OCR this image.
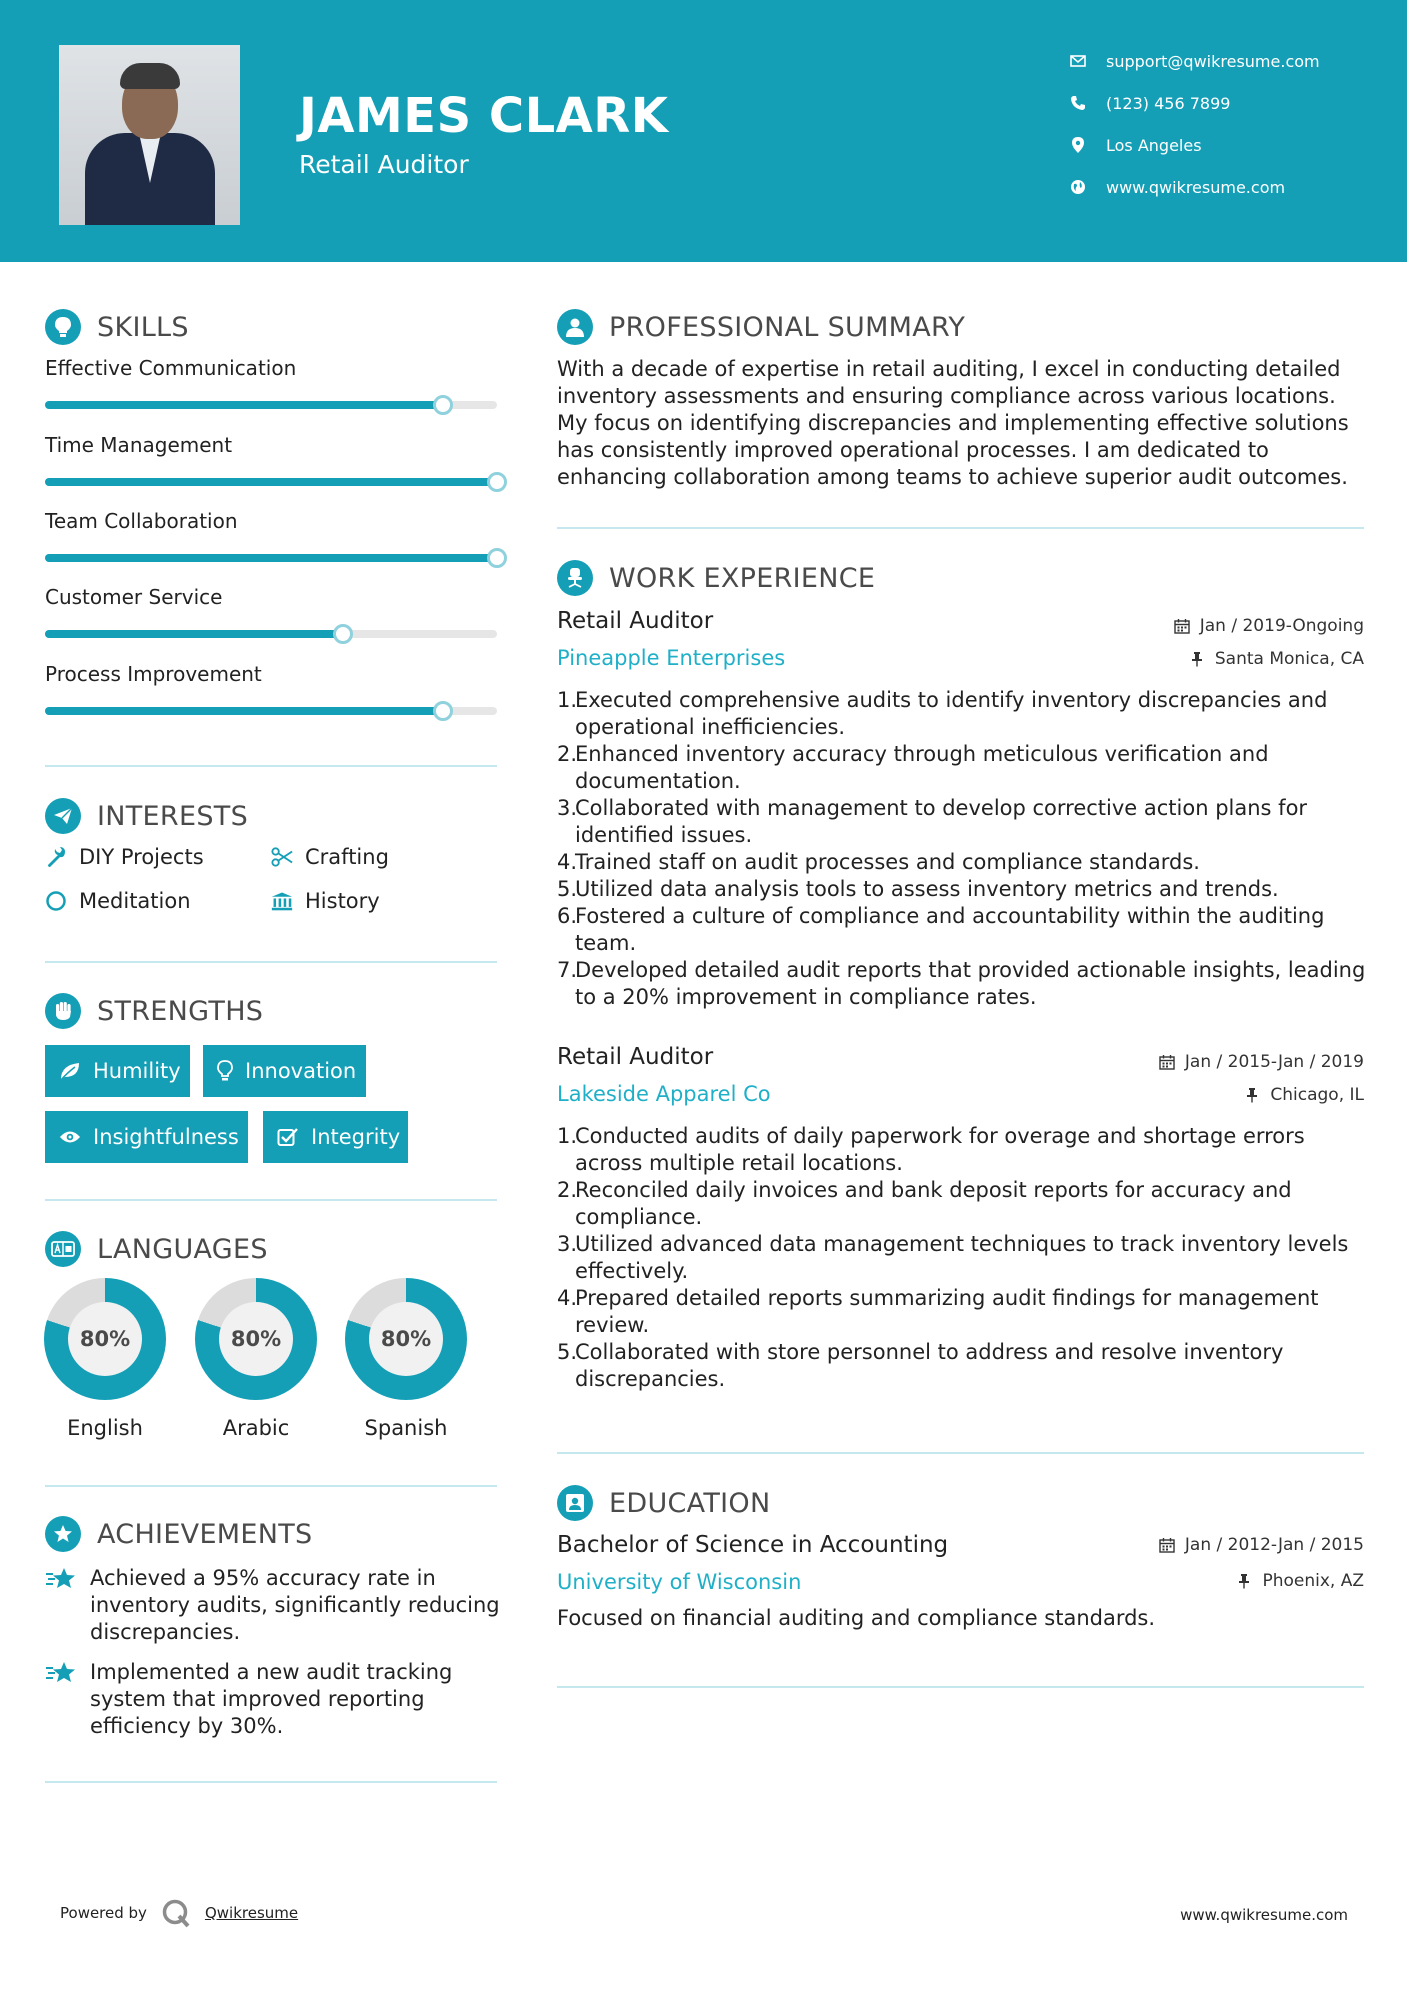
JAMES CLARK
Retail Auditor
support@qwikresume.com
(123) 456 7899
Los Angeles
www.qwikresume.com
SKILLS
Effective Communication
Time Management
Team Collaboration
Customer Service
Process Improvement
INTERESTS
DIY Projects	Crafting
Meditation	History
STRENGTHS
Humility	Innovation
Insightfulness	Integrity
LANGUAGES
80%
English
80%
Arabic
80%
Spanish
ACHIEVEMENTS
Achieved a 95% accuracy rate in inventory audits, significantly reducing discrepancies.
Implemented a new audit tracking system that improved reporting efficiency by 30%.
PROFESSIONAL SUMMARY
With a decade of expertise in retail auditing, I excel in conducting detailed inventory assessments and ensuring compliance across various locations. My focus on identifying discrepancies and implementing effective solutions has consistently improved operational processes. I am dedicated to enhancing collaboration among teams to achieve superior audit outcomes.
WORK EXPERIENCE
Retail Auditor
Pineapple Enterprises
Jan / 2019-Ongoing
Santa Monica, CA
1.
Executed comprehensive audits to identify inventory discrepancies and operational inefficiencies.
2.
Enhanced inventory accuracy through meticulous verification and documentation.
3.
Collaborated with management to develop corrective action plans for identified issues.
4.
Trained staff on audit processes and compliance standards.
5.
Utilized data analysis tools to assess inventory metrics and trends.
6.
Fostered a culture of compliance and accountability within the auditing team.
7.
Developed detailed audit reports that provided actionable insights, leading to a 20% improvement in compliance rates.
Retail Auditor
Lakeside Apparel Co
Jan / 2015-Jan / 2019
Chicago, IL
1.
Conducted audits of daily paperwork for overage and shortage errors across multiple retail locations.
2.
Reconciled daily invoices and bank deposit reports for accuracy and compliance.
3.
Utilized advanced data management techniques to track inventory levels effectively.
4.
Prepared detailed reports summarizing audit findings for management review.
5.
Collaborated with store personnel to address and resolve inventory discrepancies.
EDUCATION
Bachelor of Science in Accounting
University of Wisconsin
Jan / 2012-Jan / 2015
Phoenix, AZ
Focused on financial auditing and compliance standards.
Powered by	Qwikresume	www.qwikresume.com
